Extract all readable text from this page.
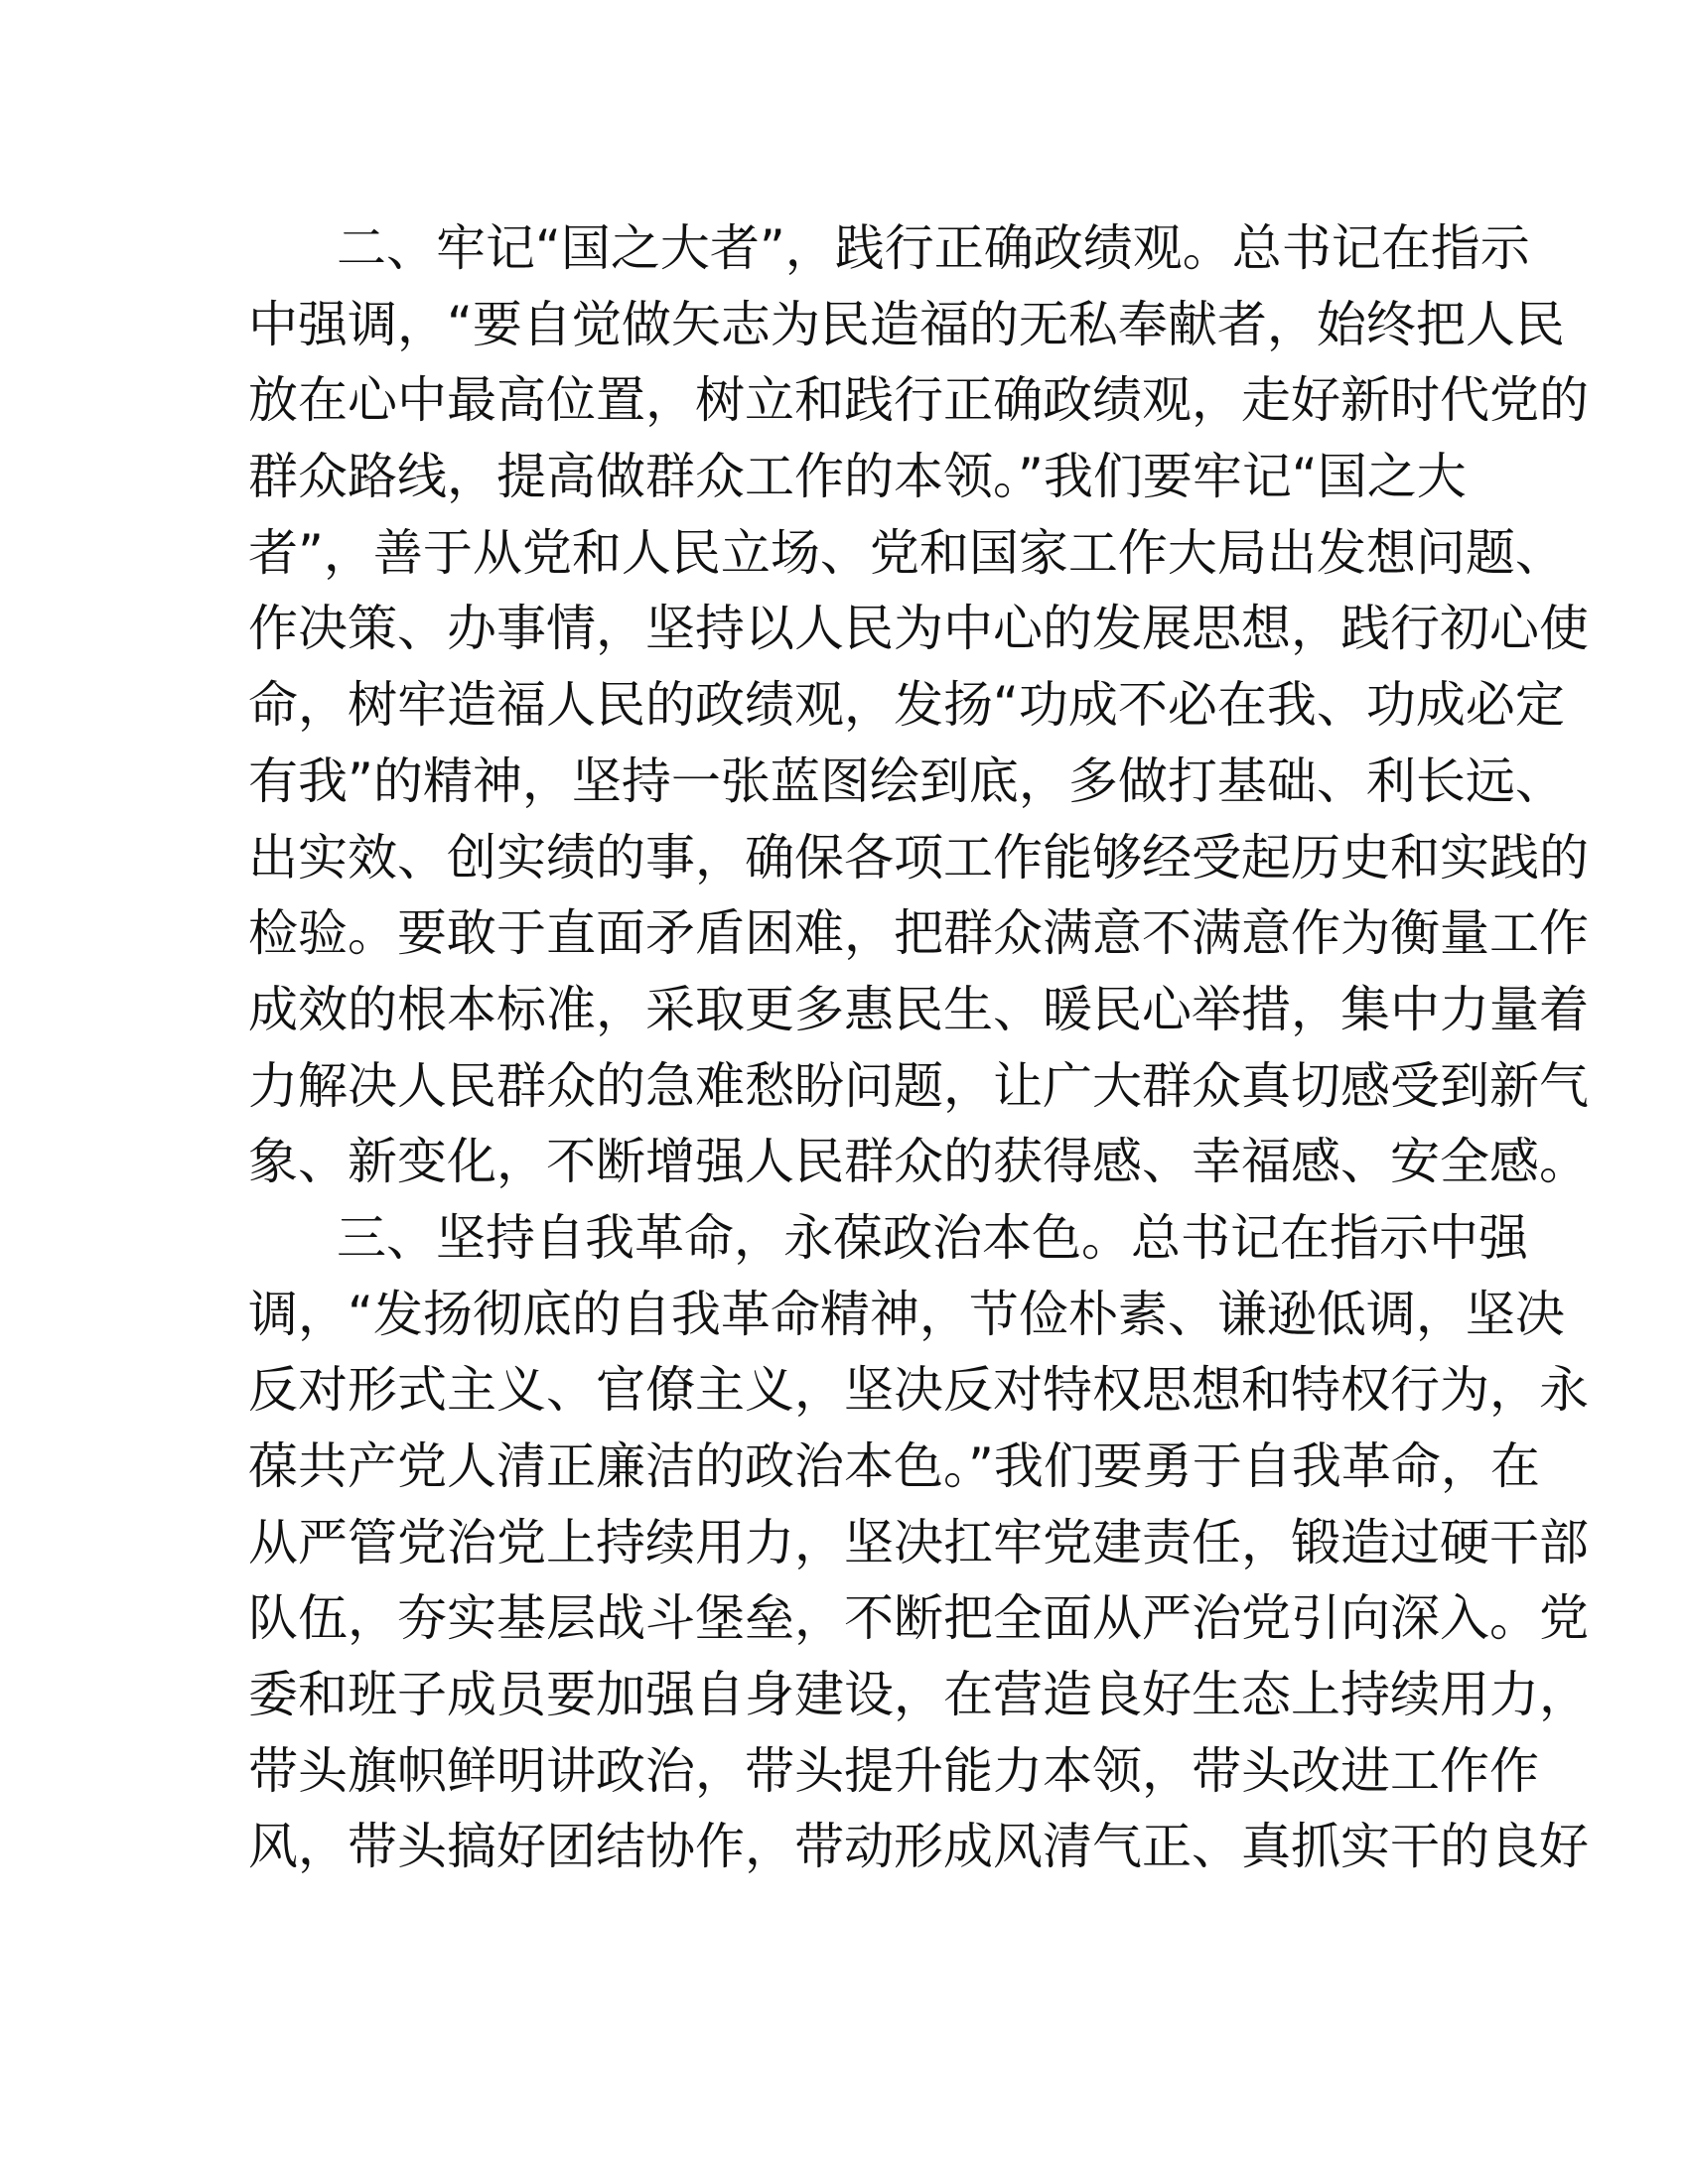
二、牢记“国之大者”，践行正确政绩观。总书记在指示
中强调，“要自觉做矢志为民造福的无私奉献者，始终把人民
放在心中最高位置，树立和践行正确政绩观，走好新时代党的
群众路线，提高做群众工作的本领。”我们要牢记“国之大
者”，善于从党和人民立场、党和国家工作大局出发想问题、
作决策、办事情，坚持以人民为中心的发展思想，践行初心使
命，树牢造福人民的政绩观，发扬“功成不必在我、功成必定
有我”的精神，坚持一张蓝图绘到底，多做打基础、利长远、
出实效、创实绩的事，确保各项工作能够经受起历史和实践的
检验。要敢于直面矛盾困难，把群众满意不满意作为衡量工作
成效的根本标准，采取更多惠民生、暖民心举措，集中力量着
力解决人民群众的急难愁盼问题，让广大群众真切感受到新气
象、新变化，不断增强人民群众的获得感、幸福感、安全感。
三、坚持自我革命，永葆政治本色。总书记在指示中强
调，“发扬彻底的自我革命精神，节俭朴素、谦逊低调，坚决
反对形式主义、官僚主义，坚决反对特权思想和特权行为，永
葆共产党人清正廉洁的政治本色。”我们要勇于自我革命，在
从严管党治党上持续用力，坚决扛牢党建责任，锻造过硬干部
队伍，夯实基层战斗堡垒，不断把全面从严治党引向深入。党
委和班子成员要加强自身建设，在营造良好生态上持续用力，
带头旗帜鲜明讲政治，带头提升能力本领，带头改进工作作
风，带头搞好团结协作，带动形成风清气正、真抓实干的良好
